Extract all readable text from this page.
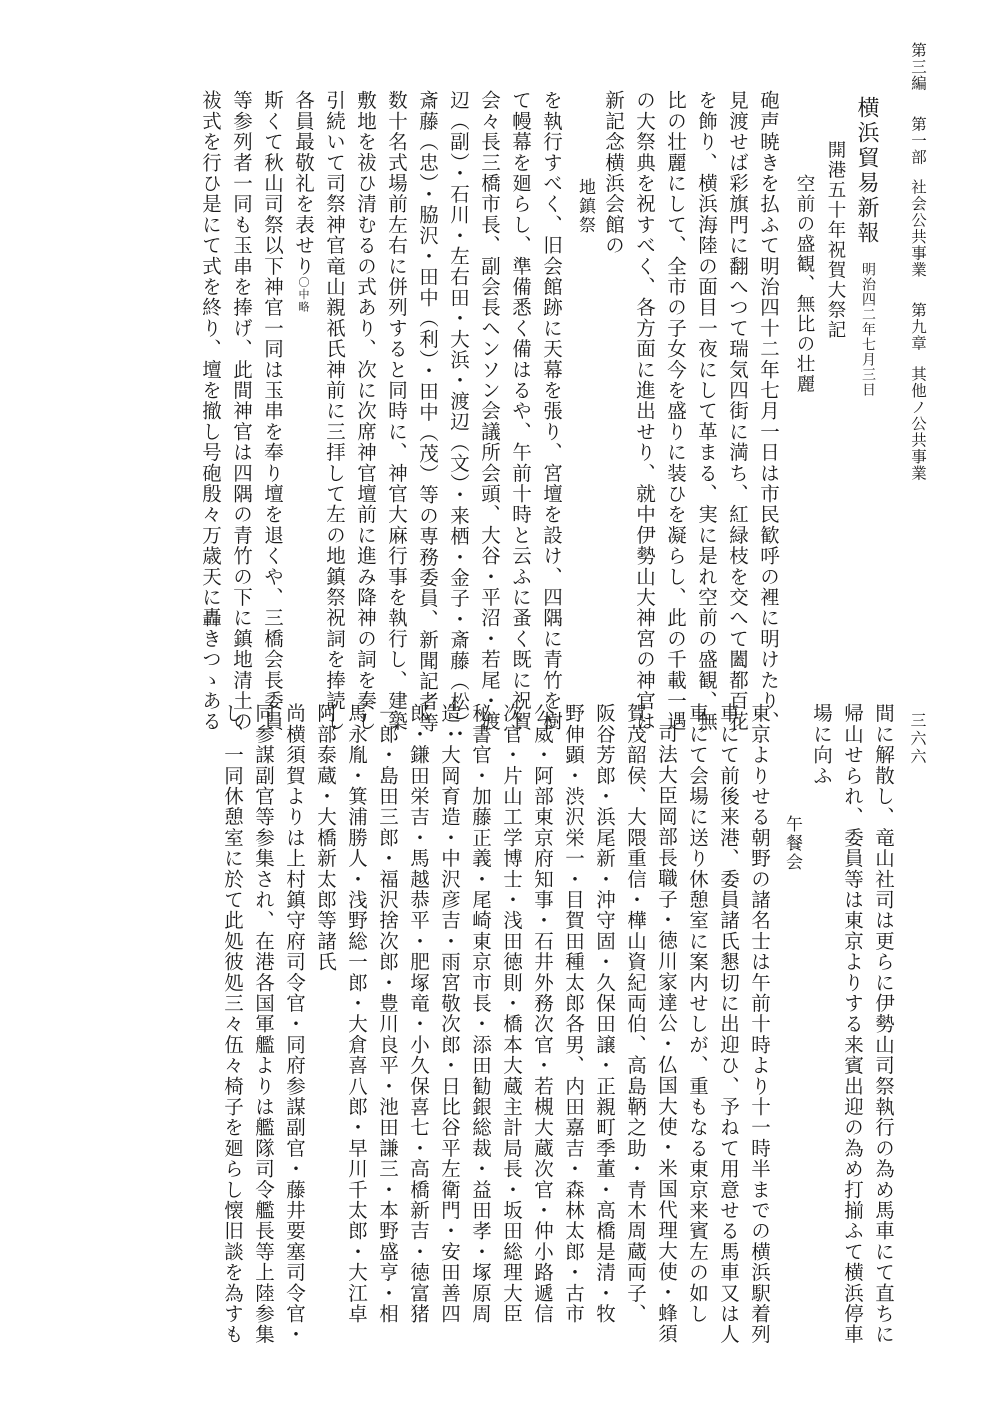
第三編第一部社会公共事業第九章其他ノ公共事業
三六六
横浜貿易新報
明治四二年七月三日
開港五十年祝賀大祭記
空前の盛観、無比の壮麗
砲声暁きを払ふて明治四十二年七月一日は市民歓呼の裡に明けたり、
見渡せば彩旗門に翻へつて瑞気四街に満ち、紅緑枝を交へて闔都百花
を飾り、横浜海陸の面目一夜にして革まる、実に是れ空前の盛観、無
比の壮麗にして、全市の子女今を盛りに装ひを凝らし、此の千載一遇
の大祭典を祝すべく、各方面に進出せり、就中伊勢山大神宮の神官は
新記念横浜会館の
地鎮祭
を執行すべく、旧会館跡に天幕を張り、宮壇を設け、四隅に青竹を樹
て幔幕を廻らし、準備悉く備はるや、午前十時と云ふに蚤く既に祝賀
会々長三橋市長、副会長ヘンソン会議所会頭、大谷・平沼・若尾・渡
辺（副）・石川・左右田・大浜・渡辺（文）・来栖・金子・斎藤（松）・
斎藤（忠）・脇沢・田中（利）・田中（茂）等の専務委員、新聞記者等
数十名式場前左右に併列すると同時に、神官大麻行事を執行し、建築
敷地を祓ひ清むるの式あり、次に次席神官壇前に進み降神の詞を奏し
引続いて司祭神官竜山親祇氏神前に三拝して左の地鎮祭祝詞を捧読し
各員最敬礼を表せり〇中略
斯くて秋山司祭以下神官一同は玉串を奉り壇を退くや、三橋会長委員
等参列者一同も玉串を捧げ、此間神官は四隅の青竹の下に鎮地清土の
祓式を行ひ是にて式を終り、壇を撤し号砲殷々万歳天に轟きつゝある
間に解散し、竜山社司は更らに伊勢山司祭執行の為め馬車にて直ちに
帰山せられ、委員等は東京よりする来賓出迎の為め打揃ふて横浜停車
場に向ふ
午餐会
東京よりせる朝野の諸名士は午前十時より十一時半までの横浜駅着列
車にて前後来港、委員諸氏懇切に出迎ひ、予ねて用意せる馬車又は人
車にて会場に送り休憩室に案内せしが、重もなる東京来賓左の如し
司法大臣岡部長職子・徳川家達公・仏国大使・米国代理大使・蜂須
賀茂韶侯、大隈重信・樺山資紀両伯、高島鞆之助・青木周蔵両子、
阪谷芳郎・浜尾新・沖守固・久保田譲・正親町季董・高橋是清・牧
野伸顕・渋沢栄一・目賀田種太郎各男、内田嘉吉・森林太郎・古市
公威・阿部東京府知事・石井外務次官・若槻大蔵次官・仲小路遞信
次官・片山工学博士・浅田徳則・橋本大蔵主計局長・坂田総理大臣
秘書官・加藤正義・尾崎東京市長・添田勧銀総裁・益田孝・塚原周
造・大岡育造・中沢彦吉・雨宮敬次郎・日比谷平左衛門・安田善四
郎・鎌田栄吉・馬越恭平・肥塚竜・小久保喜七・高橋新吉・徳富猪
一郎・島田三郎・福沢捨次郎・豊川良平・池田謙三・本野盛亨・相
馬永胤・箕浦勝人・浅野総一郎・大倉喜八郎・早川千太郎・大江卓
阿部泰蔵・大橋新太郎等諸氏
尚横須賀よりは上村鎮守府司令官・同府参謀副官・藤井要塞司令官・
同参謀副官等参集され、在港各国軍艦よりは艦隊司令艦長等上陸参集
し、一同休憩室に於て此処彼処三々伍々椅子を廻らし懐旧談を為すも
